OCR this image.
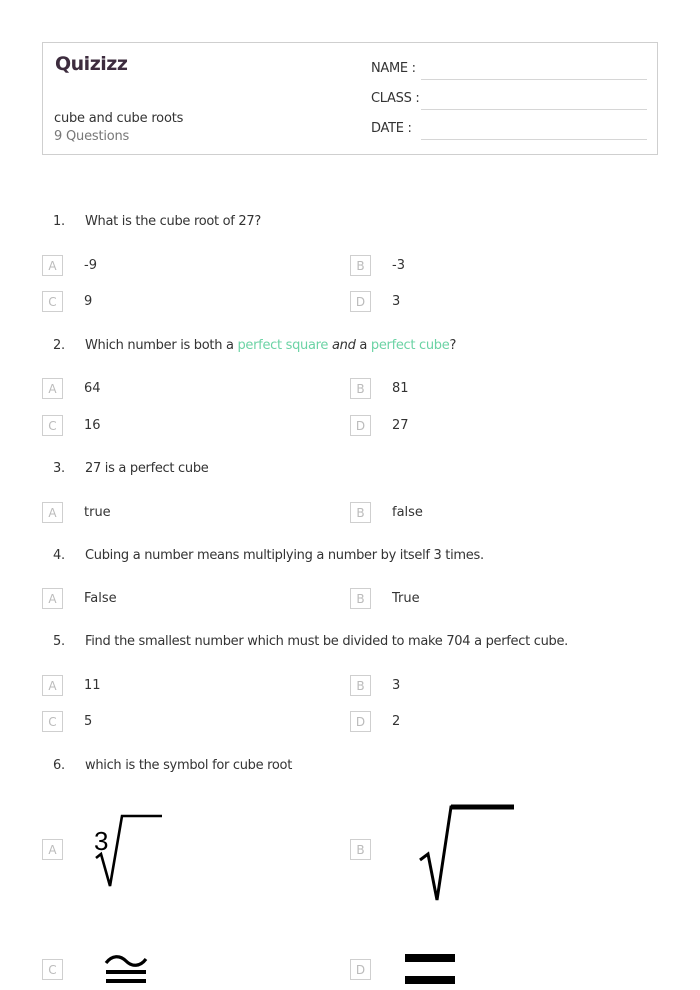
Quizizz
cube and cube roots
9 Questions
NAME :
CLASS :
DATE :
1. What is the cube root of 27?
A	-9	B	-3
C	9	D	3
2. Which number is both a perfect square and a perfect cube?
A	64	B	81
C	16	D	27
3. 27 is a perfect cube
A	true	B	false
4. Cubing a number means multiplying a number by itself 3 times.
A	False	B	True
5. Find the smallest number which must be divided to make 704 a perfect cube.
A	11	B	3
C	5	D	2
6. which is the symbol for cube root
A 3	B
C	D
